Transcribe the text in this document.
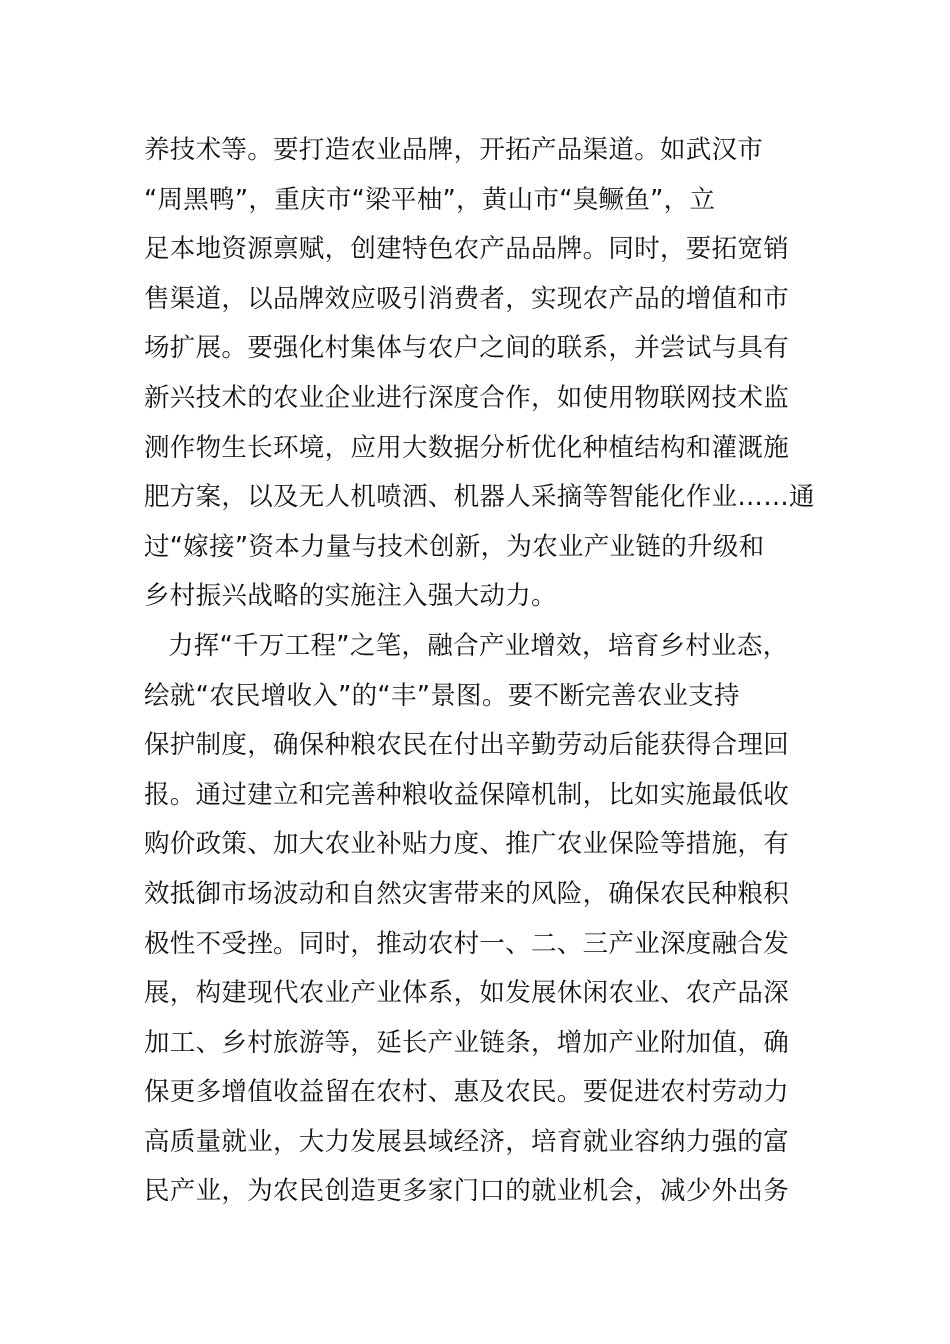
养技术等。要打造农业品牌，开拓产品渠道。如武汉市
“周黑鸭”，重庆市“梁平柚”，黄山市“臭鳜鱼”，立
足本地资源禀赋，创建特色农产品品牌。同时，要拓宽销
售渠道，以品牌效应吸引消费者，实现农产品的增值和市
场扩展。要强化村集体与农户之间的联系，并尝试与具有
新兴技术的农业企业进行深度合作，如使用物联网技术监
测作物生长环境，应用大数据分析优化种植结构和灌溉施
肥方案，以及无人机喷洒、机器人采摘等智能化作业……通
过“嫁接”资本力量与技术创新，为农业产业链的升级和
乡村振兴战略的实施注入强大动力。
力挥“千万工程”之笔，融合产业增效，培育乡村业态，
绘就“农民增收入”的“丰”景图。要不断完善农业支持
保护制度，确保种粮农民在付出辛勤劳动后能获得合理回
报。通过建立和完善种粮收益保障机制，比如实施最低收
购价政策、加大农业补贴力度、推广农业保险等措施，有
效抵御市场波动和自然灾害带来的风险，确保农民种粮积
极性不受挫。同时，推动农村一、二、三产业深度融合发
展，构建现代农业产业体系，如发展休闲农业、农产品深
加工、乡村旅游等，延长产业链条，增加产业附加值，确
保更多增值收益留在农村、惠及农民。要促进农村劳动力
高质量就业，大力发展县域经济，培育就业容纳力强的富
民产业，为农民创造更多家门口的就业机会，减少外出务
